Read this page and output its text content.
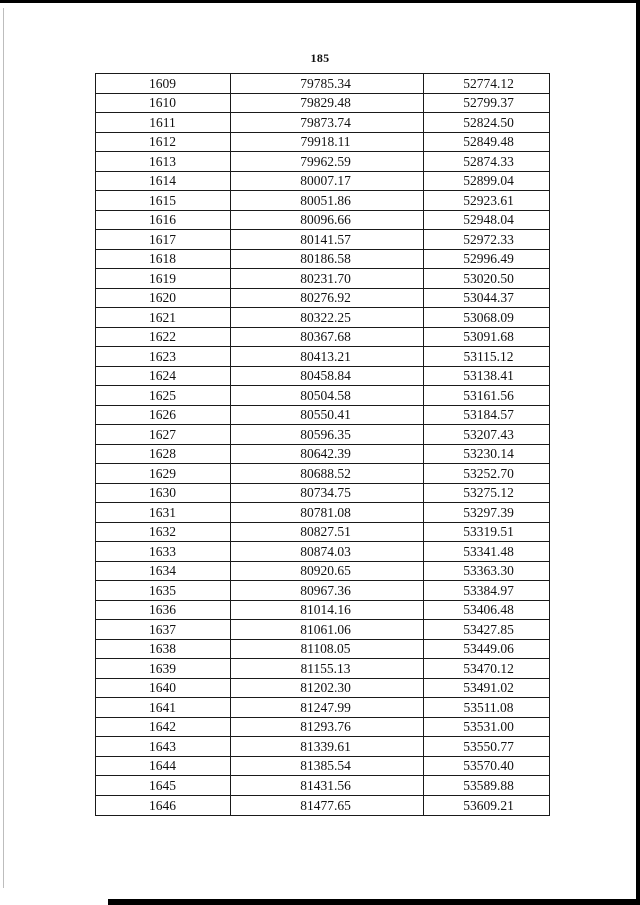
185
1609	79785.34	52774.12
1610	79829.48	52799.37
1611	79873.74	52824.50
1612	79918.11	52849.48
1613	79962.59	52874.33
1614	80007.17	52899.04
1615	80051.86	52923.61
1616	80096.66	52948.04
1617	80141.57	52972.33
1618	80186.58	52996.49
1619	80231.70	53020.50
1620	80276.92	53044.37
1621	80322.25	53068.09
1622	80367.68	53091.68
1623	80413.21	53115.12
1624	80458.84	53138.41
1625	80504.58	53161.56
1626	80550.41	53184.57
1627	80596.35	53207.43
1628	80642.39	53230.14
1629	80688.52	53252.70
1630	80734.75	53275.12
1631	80781.08	53297.39
1632	80827.51	53319.51
1633	80874.03	53341.48
1634	80920.65	53363.30
1635	80967.36	53384.97
1636	81014.16	53406.48
1637	81061.06	53427.85
1638	81108.05	53449.06
1639	81155.13	53470.12
1640	81202.30	53491.02
1641	81247.99	53511.08
1642	81293.76	53531.00
1643	81339.61	53550.77
1644	81385.54	53570.40
1645	81431.56	53589.88
1646	81477.65	53609.21
